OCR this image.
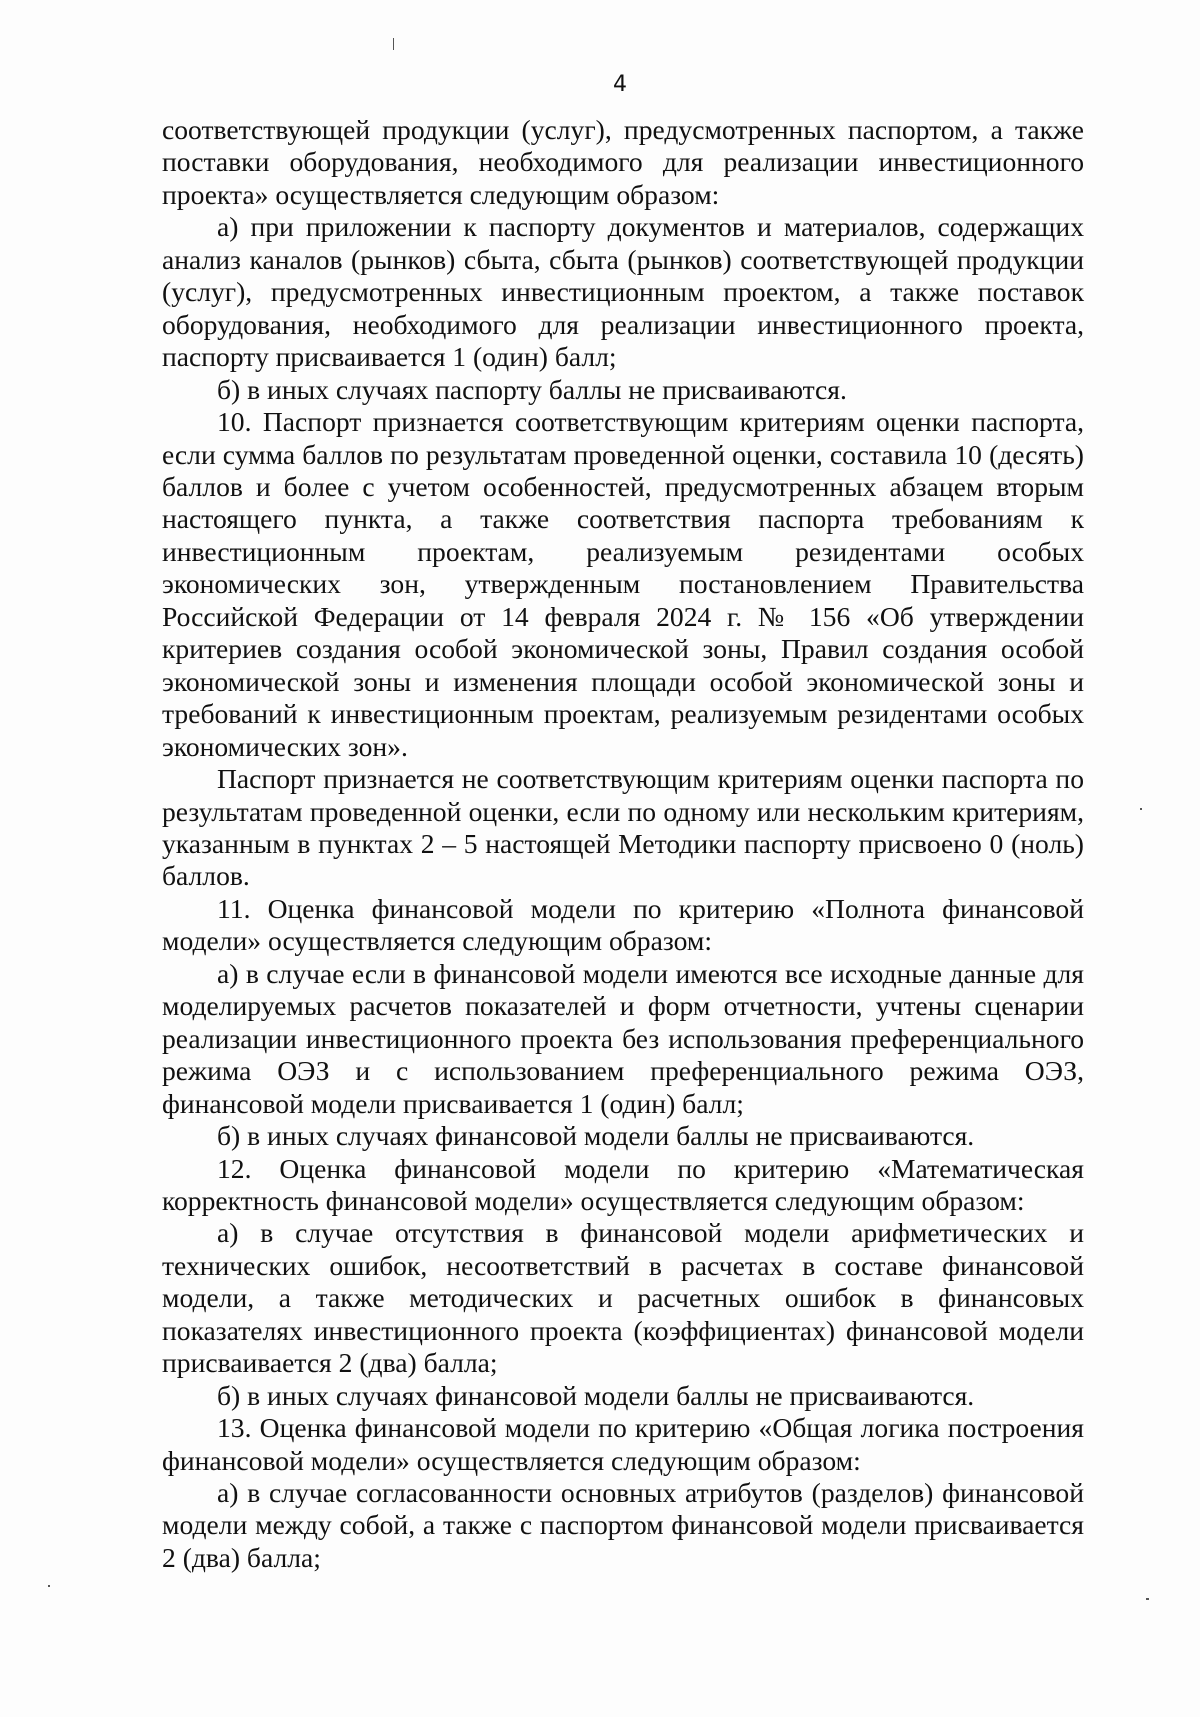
4

соответствующей продукции (услуг), предусмотренных паспортом, а также поставки оборудования, необходимого для реализации инвестиционного проекта» осуществляется следующим образом:

а) при приложении к паспорту документов и материалов, содержащих анализ каналов (рынков) сбыта, сбыта (рынков) соответствующей продукции (услуг), предусмотренных инвестиционным проектом, а также поставок оборудования, необходимого для реализации инвестиционного проекта, паспорту присваивается 1 (один) балл;

б) в иных случаях паспорту баллы не присваиваются.

10. Паспорт признается соответствующим критериям оценки паспорта, если сумма баллов по результатам проведенной оценки, составила 10 (десять) баллов и более с учетом особенностей, предусмотренных абзацем вторым настоящего пункта, а также соответствия паспорта требованиям к инвестиционным проектам, реализуемым резидентами особых экономических зон, утвержденным постановлением Правительства Российской Федерации от 14 февраля 2024 г. № 156 «Об утверждении критериев создания особой экономической зоны, Правил создания особой экономической зоны и изменения площади особой экономической зоны и требований к инвестиционным проектам, реализуемым резидентами особых экономических зон».

Паспорт признается не соответствующим критериям оценки паспорта по результатам проведенной оценки, если по одному или нескольким критериям, указанным в пунктах 2 – 5 настоящей Методики паспорту присвоено 0 (ноль) баллов.

11. Оценка финансовой модели по критерию «Полнота финансовой модели» осуществляется следующим образом:

а) в случае если в финансовой модели имеются все исходные данные для моделируемых расчетов показателей и форм отчетности, учтены сценарии реализации инвестиционного проекта без использования преференциального режима ОЭЗ и с использованием преференциального режима ОЭЗ, финансовой модели присваивается 1 (один) балл;

б) в иных случаях финансовой модели баллы не присваиваются.

12. Оценка финансовой модели по критерию «Математическая корректность финансовой модели» осуществляется следующим образом:

а) в случае отсутствия в финансовой модели арифметических и технических ошибок, несоответствий в расчетах в составе финансовой модели, а также методических и расчетных ошибок в финансовых показателях инвестиционного проекта (коэффициентах) финансовой модели присваивается 2 (два) балла;

б) в иных случаях финансовой модели баллы не присваиваются.

13. Оценка финансовой модели по критерию «Общая логика построения финансовой модели» осуществляется следующим образом:

а) в случае согласованности основных атрибутов (разделов) финансовой модели между собой, а также с паспортом финансовой модели присваивается 2 (два) балла;
